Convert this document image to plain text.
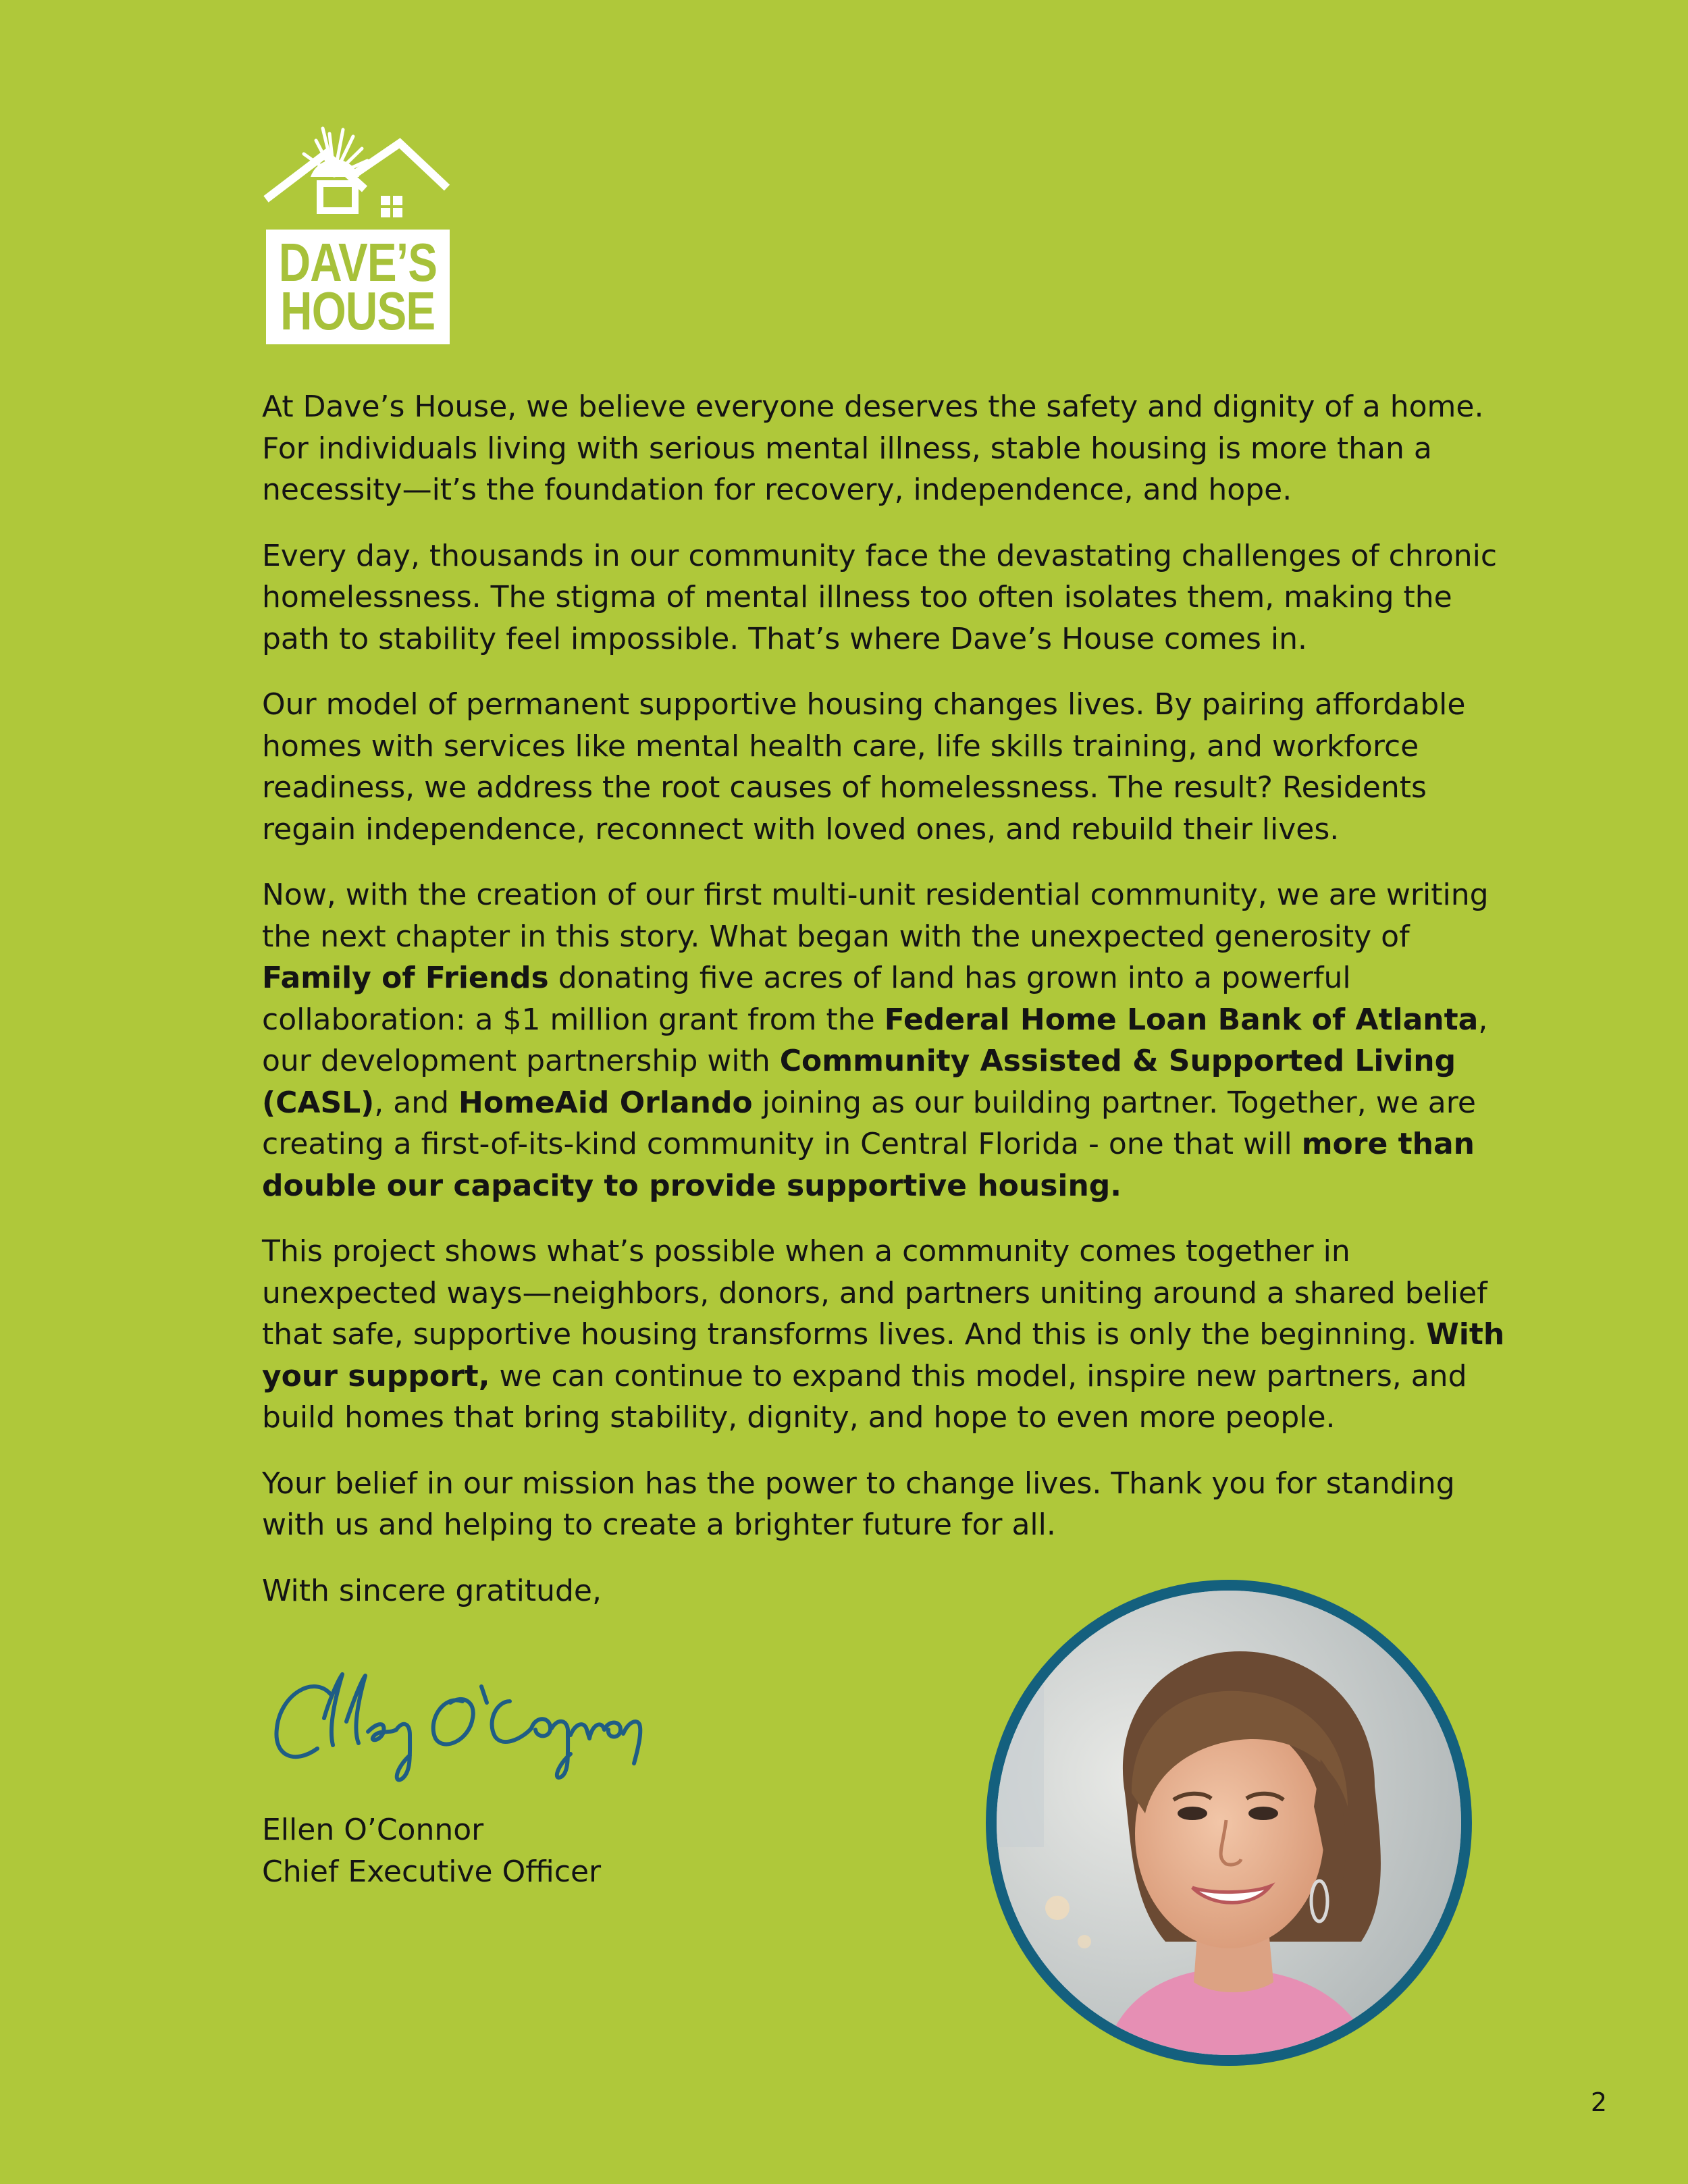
DAVE’S
HOUSE

At Dave’s House, we believe everyone deserves the safety and dignity of a home. For individuals living with serious mental illness, stable housing is more than a necessity—it’s the foundation for recovery, independence, and hope.

Every day, thousands in our community face the devastating challenges of chronic homelessness. The stigma of mental illness too often isolates them, making the path to stability feel impossible. That’s where Dave’s House comes in.

Our model of permanent supportive housing changes lives. By pairing affordable homes with services like mental health care, life skills training, and workforce readiness, we address the root causes of homelessness. The result? Residents regain independence, reconnect with loved ones, and rebuild their lives.

Now, with the creation of our first multi-unit residential community, we are writing the next chapter in this story. What began with the unexpected generosity of Family of Friends donating five acres of land has grown into a powerful collaboration: a $1 million grant from the Federal Home Loan Bank of Atlanta, our development partnership with Community Assisted & Supported Living (CASL), and HomeAid Orlando joining as our building partner. Together, we are creating a first-of-its-kind community in Central Florida - one that will more than double our capacity to provide supportive housing.

This project shows what’s possible when a community comes together in unexpected ways—neighbors, donors, and partners uniting around a shared belief that safe, supportive housing transforms lives. And this is only the beginning. With your support, we can continue to expand this model, inspire new partners, and build homes that bring stability, dignity, and hope to even more people.

Your belief in our mission has the power to change lives. Thank you for standing with us and helping to create a brighter future for all.

With sincere gratitude,

Ellen O’Connor
Chief Executive Officer
2
